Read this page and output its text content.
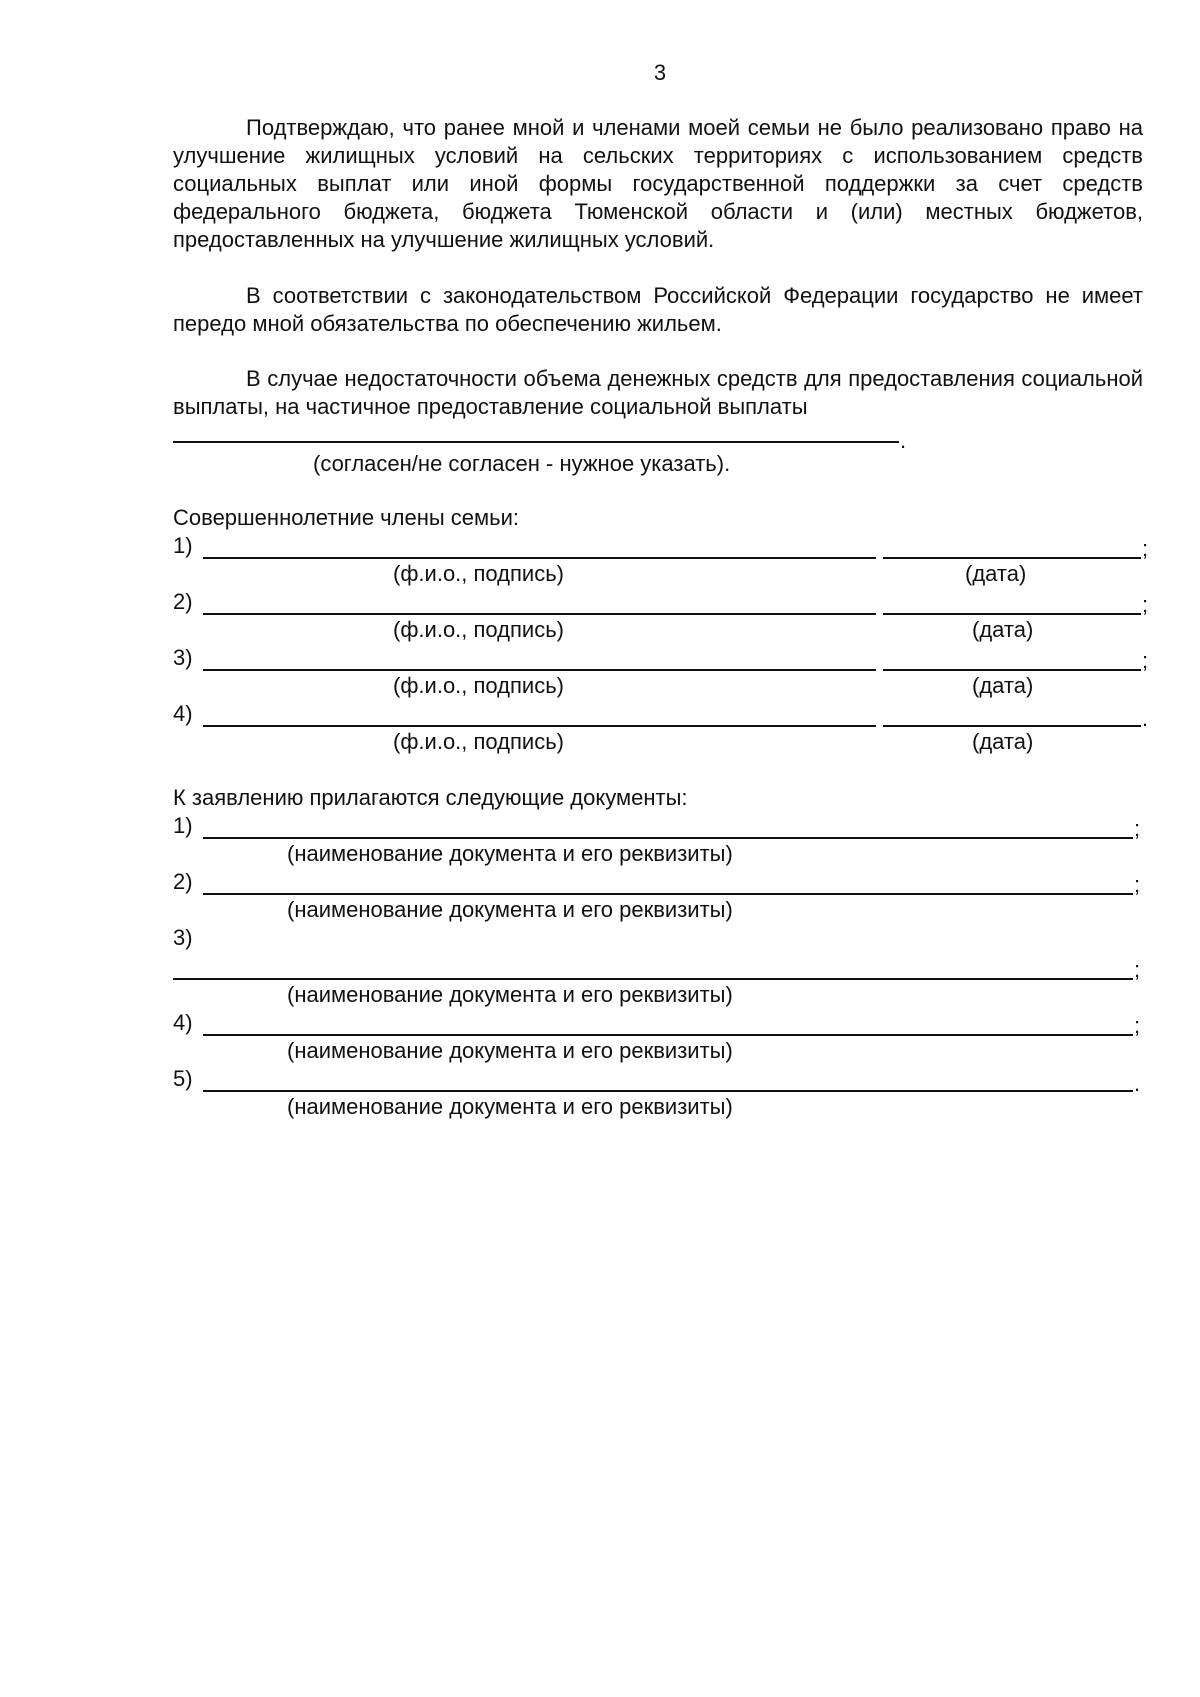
3

Подтверждаю, что ранее мной и членами моей семьи не было реализовано право на улучшение жилищных условий на сельских территориях с использованием средств социальных выплат или иной формы государственной поддержки за счет средств федерального бюджета, бюджета Тюменской области и (или) местных бюджетов, предоставленных на улучшение жилищных условий.

В соответствии с законодательством Российской Федерации государство не имеет передо мной обязательства по обеспечению жильем.

В случае недостаточности объема денежных средств для предоставления социальной выплаты, на частичное предоставление социальной выплаты

.
(согласен/не согласен - нужное указать).
Совершеннолетние члены семьи:
1)	;
(ф.и.о., подпись)	(дата)
2)	;
(ф.и.о., подпись)	(дата)
3)	;
(ф.и.о., подпись)	(дата)
4)	.
(ф.и.о., подпись)	(дата)
К заявлению прилагаются следующие документы:
1)	;
(наименование документа и его реквизиты)
2)	;
(наименование документа и его реквизиты)
3)
;
(наименование документа и его реквизиты)
4)	;
(наименование документа и его реквизиты)
5)	.
(наименование документа и его реквизиты)
